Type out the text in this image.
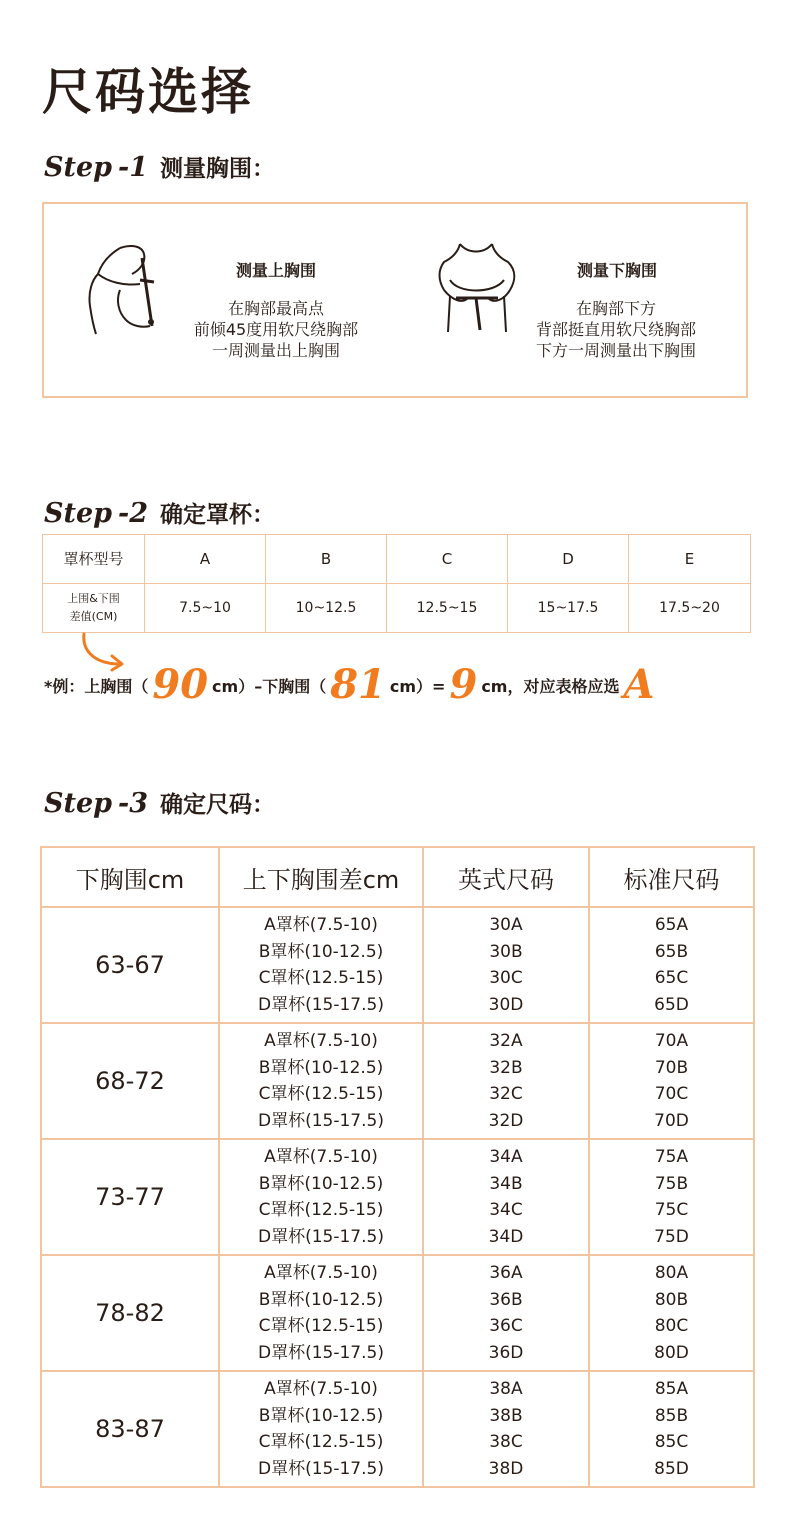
尺码选择
Step -1 测量胸围：
测量上胸围
在胸部最高点
前倾45度用软尺绕胸部
一周测量出上胸围
测量下胸围
在胸部下方
背部挺直用软尺绕胸部
下方一周测量出下胸围
Step -2 确定罩杯：
罩杯型号	A	B	C	D	E

上围&下围
差值(CM)	7.5~10	10~12.5	12.5~15	15~17.5	17.5~20
*例：上胸围（ 90 cm）–下胸围（ 81 cm）= 9 cm，对应表格应选 A
Step -3 确定尺码：
下胸围cm	上下胸围差cm	英式尺码	标准尺码
63-67	A罩杯(7.5-10)
B罩杯(10-12.5)
C罩杯(12.5-15)
D罩杯(15-17.5)	30A
30B
30C
30D	65A
65B
65C
65D

68-72	A罩杯(7.5-10)
B罩杯(10-12.5)
C罩杯(12.5-15)
D罩杯(15-17.5)	32A
32B
32C
32D	70A
70B
70C
70D

73-77	A罩杯(7.5-10)
B罩杯(10-12.5)
C罩杯(12.5-15)
D罩杯(15-17.5)	34A
34B
34C
34D	75A
75B
75C
75D

78-82	A罩杯(7.5-10)
B罩杯(10-12.5)
C罩杯(12.5-15)
D罩杯(15-17.5)	36A
36B
36C
36D	80A
80B
80C
80D

83-87	A罩杯(7.5-10)
B罩杯(10-12.5)
C罩杯(12.5-15)
D罩杯(15-17.5)	38A
38B
38C
38D	85A
85B
85C
85D
